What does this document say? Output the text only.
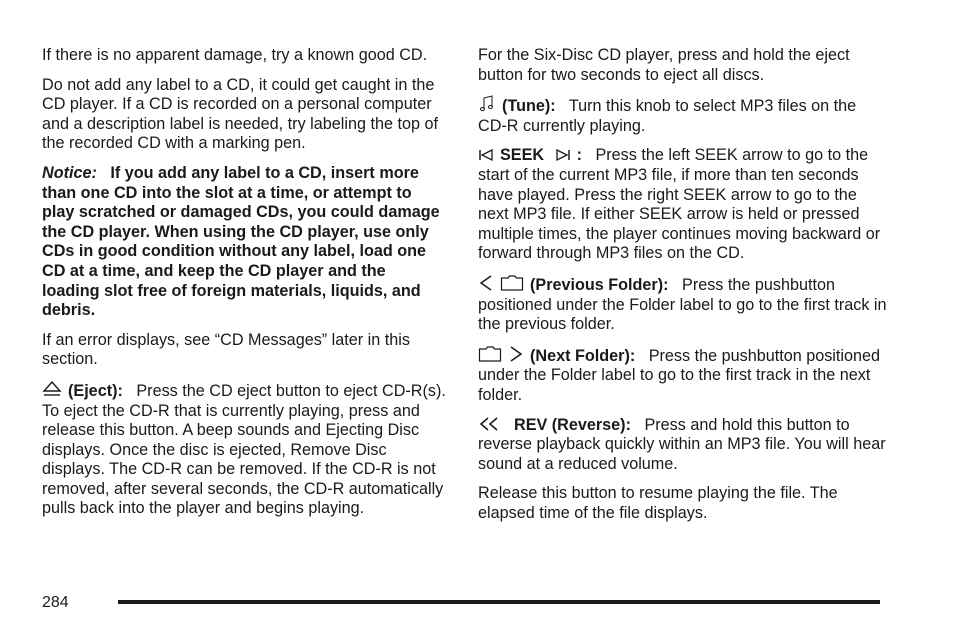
If there is no apparent damage, try a known good CD.

Do not add any label to a CD, it could get caught in the CD player. If a CD is recorded on a personal computer and a description label is needed, try labeling the top of the recorded CD with a marking pen.

Notice: If you add any label to a CD, insert more than one CD into the slot at a time, or attempt to play scratched or damaged CDs, you could damage the CD player. When using the CD player, use only CDs in good condition without any label, load one CD at a time, and keep the CD player and the loading slot free of foreign materials, liquids, and debris.

If an error displays, see “CD Messages” later in this section.

(Eject): Press the CD eject button to eject CD-R(s). To eject the CD-R that is currently playing, press and release this button. A beep sounds and Ejecting Disc displays. Once the disc is ejected, Remove Disc displays. The CD-R can be removed. If the CD-R is not removed, after several seconds, the CD-R automatically pulls back into the player and begins playing.

For the Six-Disc CD player, press and hold the eject button for two seconds to eject all discs.

(Tune): Turn this knob to select MP3 files on the CD-R currently playing.

SEEK : Press the left SEEK arrow to go to the start of the current MP3 file, if more than ten seconds have played. Press the right SEEK arrow to go to the next MP3 file. If either SEEK arrow is held or pressed multiple times, the player continues moving backward or forward through MP3 files on the CD.

(Previous Folder): Press the pushbutton positioned under the Folder label to go to the first track in the previous folder.

(Next Folder): Press the pushbutton positioned under the Folder label to go to the first track in the next folder.

REV (Reverse): Press and hold this button to reverse playback quickly within an MP3 file. You will hear sound at a reduced volume.

Release this button to resume playing the file. The elapsed time of the file displays.

284
